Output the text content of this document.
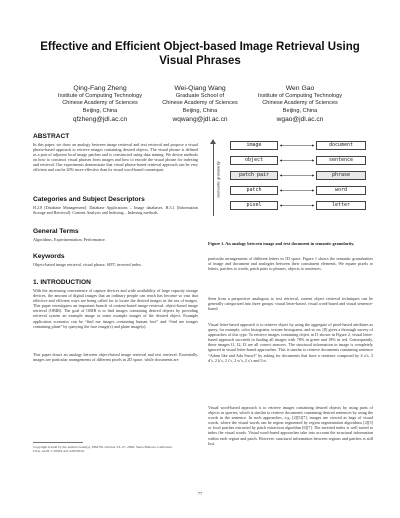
Effective and Efficient Object-based Image Retrieval Using Visual Phrases
Qing-Fang Zheng
Institute of Computing Technology
Chinese Academy of Sciences
Beijing, China
qfzheng@jdl.ac.cn
Wei-Qiang Wang
Graduate School of
Chinese Academy of Sciences
Beijing, China
wqwang@jdl.ac.cn
Wen Gao
Institute of Computing Technology
Chinese Academy of Sciences
Beijing, China
wgao@jdl.ac.cn
ABSTRACT
In this paper, we draw an analogy between image retrieval and text retrieval and propose a visual phrase-based approach to retrieve images containing desired objects. The visual phrase is defined as a pair of adjacent local image patches and is constructed using data mining. We devise methods on how to construct visual phrases from images and how to encode the visual phrase for indexing and retrieval. Our experiments demonstrate that visual phrase-based retrieval approach can be very efficient and can be 20% more effective than its visual word-based counterpart.
Categories and Subject Descriptors
H.2.8 [Database Management]: Database Applications – Image databases. H.3.1 [Information Storage and Retrieval]: Content Analysis and Indexing – Indexing methods.
General Terms
Algorithms, Experimentation, Performance.
Keywords
Object-based image retrieval, visual phrase, SIFT, inverted index.
1. INTRODUCTION
With the increasing convenience of capture devices and wide availability of large capacity storage devices, the amount of digital images that an ordinary people can reach has become so vast that effective and efficient ways are being called for to locate the desired images in the sea of images. This paper investigates an important branch of content-based image retrieval: object-based image retrieval (OBIR). The goal of OBIR is to find images containing desired objects by providing retrieval system an example image or some example images of the desired object. Example application scenarios can be “find me images containing human face” and “find me images containing plane” by querying the face image(s) and plane image(s).
This paper draws an analogy between object-based image retrieval and text retrieval. Essentially, images are particular arrangements of different pixels in 2D space, while documents are
Copyright is held by the author/owner(s). MM’06, October 23–27, 2006, Santa Barbara, California, USA. ACM 1-59593-447-2/06/0010.
Semantic granularity
image
object
patch pair
patch
pixel
document
sentence
phrase
word
letter
Figure 1. An analogy between image and text document in semantic granularity.
particular arrangements of different letters in 1D space. Figure 1 shows the semantic granularities of image and document and analogies between their constituent elements. We equate pixels to letters, patches to words, patch pairs to phrases, objects to sentences.
Seen from a perspective analogous to text retrieval, current object retrieval techniques can be generally categorized into three groups: visual letter-based, visual word-based and visual sentence-based.
Visual letter-based approach is to retrieve object by using the aggregate of pixel-based attributes as query, for example, color histograms, texture histograms, and so on. [8] gives a thorough survey of approaches of this type. To retrieve images containing object in I1 shown in Figure 2, visual letter-based approach succeeds in finding all images with 78% in green and 18% in red. Consequently, these images I1, I2, I3 are all correct answers. The structural information in image is completely ignored in visual letter-based approaches. This is similar to retrieve documents containing sentence “Adam like and Ada Snowl” by asking for documents that have a sentence composed by 4 a’s, 3 d’s, 2 k’s, 2 i’s, 2 w’s, 2 s’s and 3 n.
Visual word-based approach is to retrieve images containing desired objects by using parts of objects as queries, which is similar to retrieve documents containing desired sentences by using the words in the sentence. In such approaches, e.g. [2][5][7], images are viewed as bags of visual words, where the visual words can be region segmented by region segmentation algorithms [2][5] or local patches extracted by patch extraction algorithm [6][7]. The inverted index is well suited to index the visual words. Visual word-based approaches take into account the structural information within each region and patch. However, structural information between regions and patches is still lost.
77
